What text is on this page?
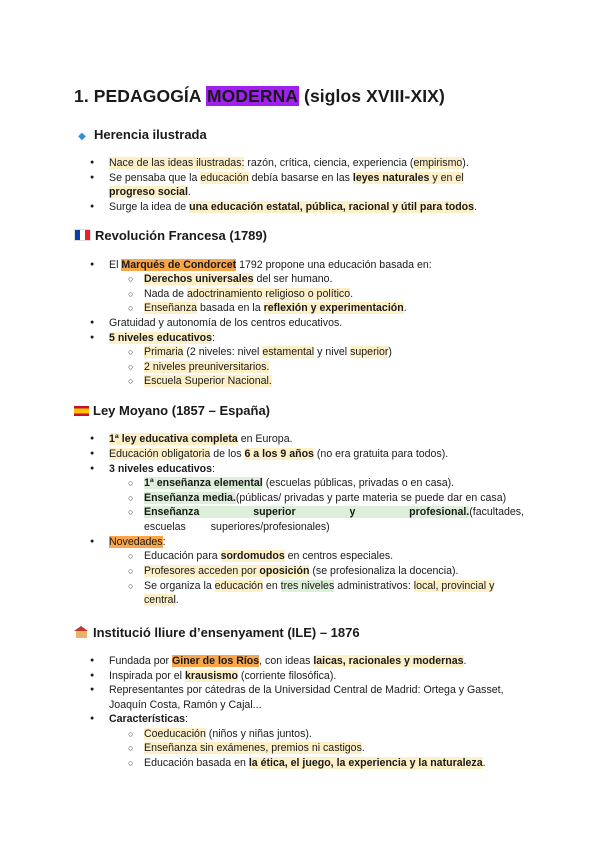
1. PEDAGOGÍA MODERNA (siglos XVIII-XIX)
◆ Herencia ilustrada
● Nace de las ideas ilustradas: razón, crítica, ciencia, experiencia (empirismo).
● Se pensaba que la educación debía basarse en las leyes naturales y en el
progreso social.
● Surge la idea de una educación estatal, pública, racional y útil para todos.
Revolución Francesa (1789)
● El Marqués de Condorcet 1792 propone una educación basada en:
○ Derechos universales del ser humano.
○ Nada de adoctrinamiento religioso o político.
○ Enseñanza basada en la reflexión y experimentación.
● Gratuidad y autonomía de los centros educativos.
● 5 niveles educativos:
○ Primaria (2 niveles: nivel estamental y nivel superior)
○ 2 niveles preuniversitarios.
○ Escuela Superior Nacional.
Ley Moyano (1857 – España)
● 1ª ley educativa completa en Europa.
● Educación obligatoria de los 6 a los 9 años (no era gratuita para todos).
● 3 niveles educativos:
○ 1ª enseñanza elemental (escuelas públicas, privadas o en casa).
○ Enseñanza media.(públicas/ privadas y parte materia se puede dar en casa)
○ Enseñanza superior y profesional.(facultades, escuelas superiores/profesionales)
● Novedades:
○ Educación para sordomudos en centros especiales.
○ Profesores acceden por oposición (se profesionaliza la docencia).
○ Se organiza la educación en tres niveles administrativos: local, provincial y
central.
Institució lliure d’ensenyament (ILE) – 1876
● Fundada por Giner de los Ríos, con ideas laicas, racionales y modernas.
● Inspirada por el krausismo (corriente filosófica).
● Representantes por cátedras de la Universidad Central de Madrid: Ortega y Gasset,
Joaquín Costa, Ramón y Cajal...
● Características:
○ Coeducación (niños y niñas juntos).
○ Enseñanza sin exámenes, premios ni castigos.
○ Educación basada en la ética, el juego, la experiencia y la naturaleza.
